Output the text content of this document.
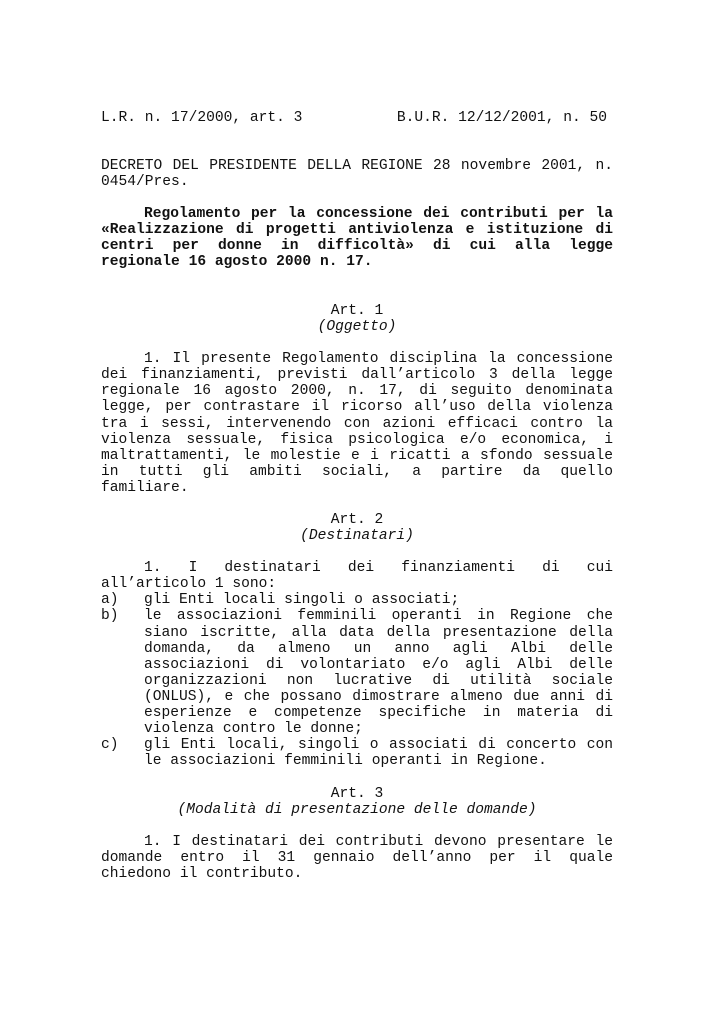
L.R. n. 17/2000, art. 3	B.U.R. 12/12/2001, n. 50

DECRETO DEL PRESIDENTE DELLA REGIONE 28 novembre 2001, n. 0454/Pres.

Regolamento per la concessione dei contributi per la «Realizzazione di progetti antiviolenza e istituzione di centri per donne in difficoltà» di cui alla legge regionale 16 agosto 2000 n. 17.
Art. 1
(Oggetto)

1. Il presente Regolamento disciplina la concessione dei finanziamenti, previsti dall’articolo 3 della legge regionale 16 agosto 2000, n. 17, di seguito denominata legge, per contrastare il ricorso all’uso della violenza tra i sessi, intervenendo con azioni efficaci contro la violenza sessuale, fisica psicologica e/o economica, i maltrattamenti, le molestie e i ricatti a sfondo sessuale in tutti gli ambiti sociali, a partire da quello familiare.

Art. 2
(Destinatari)

1. I destinatari dei finanziamenti di cui all’articolo 1 sono:

a) gli Enti locali singoli o associati;
b) le associazioni femminili operanti in Regione che siano iscritte, alla data della presentazione della domanda, da almeno un anno agli Albi delle associazioni di volontariato e/o agli Albi delle organizzazioni non lucrative di utilità sociale (ONLUS), e che possano dimostrare almeno due anni di esperienze e competenze specifiche in materia di violenza contro le donne;
c) gli Enti locali, singoli o associati di concerto con le associazioni femminili operanti in Regione.
Art. 3
(Modalità di presentazione delle domande)

1. I destinatari dei contributi devono presentare le domande entro il 31 gennaio dell’anno per il quale chiedono il contributo.
